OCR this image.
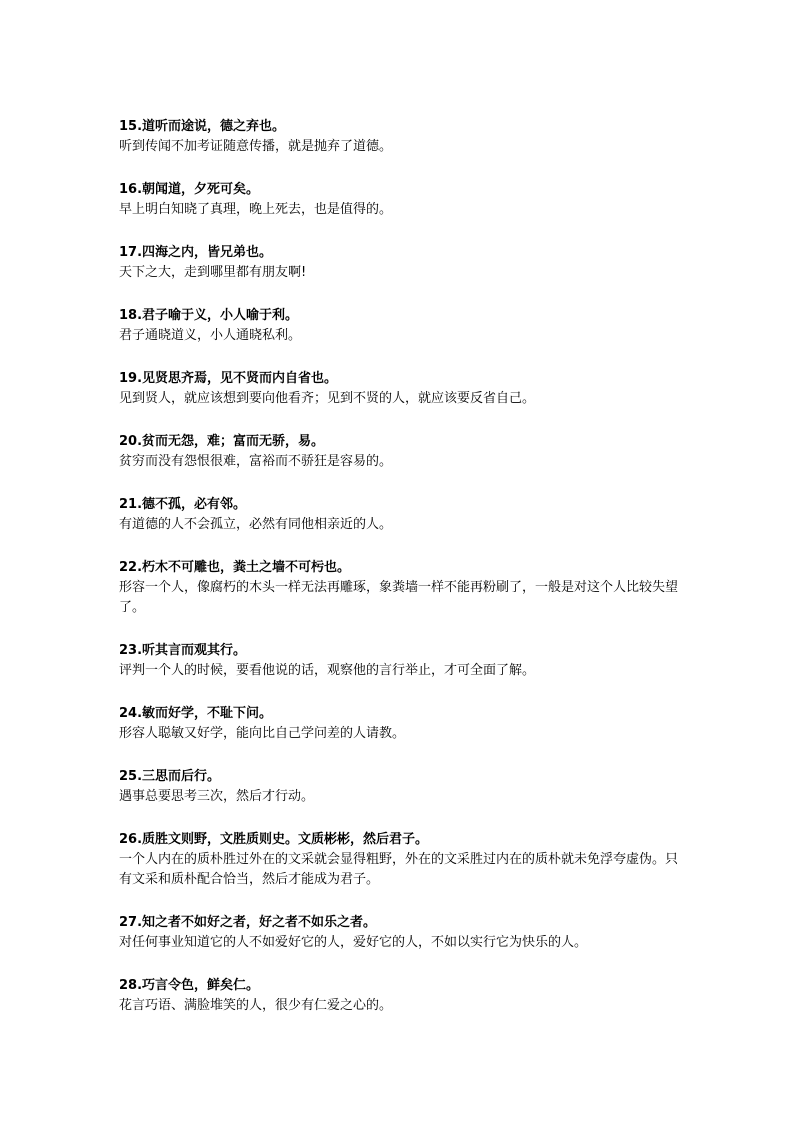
15.道听而途说，德之弃也。
听到传闻不加考证随意传播，就是抛弃了道德。
16.朝闻道，夕死可矣。
早上明白知晓了真理，晚上死去，也是值得的。
17.四海之内，皆兄弟也。
天下之大，走到哪里都有朋友啊!
18.君子喻于义，小人喻于利。
君子通晓道义，小人通晓私利。
19.见贤思齐焉，见不贤而内自省也。
见到贤人，就应该想到要向他看齐；见到不贤的人，就应该要反省自己。
20.贫而无怨，难；富而无骄，易。
贫穷而没有怨恨很难，富裕而不骄狂是容易的。
21.德不孤，必有邻。
有道德的人不会孤立，必然有同他相亲近的人。
22.朽木不可雕也，粪土之墙不可杇也。
形容一个人，像腐朽的木头一样无法再雕琢，象粪墙一样不能再粉刷了，一般是对这个人比较失望了。
23.听其言而观其行。
评判一个人的时候，要看他说的话，观察他的言行举止，才可全面了解。
24.敏而好学，不耻下问。
形容人聪敏又好学，能向比自己学问差的人请教。
25.三思而后行。
遇事总要思考三次，然后才行动。
26.质胜文则野，文胜质则史。文质彬彬，然后君子。
一个人内在的质朴胜过外在的文采就会显得粗野，外在的文采胜过内在的质朴就未免浮夸虚伪。只有文采和质朴配合恰当，然后才能成为君子。
27.知之者不如好之者，好之者不如乐之者。
对任何事业知道它的人不如爱好它的人，爱好它的人，不如以实行它为快乐的人。
28.巧言令色，鲜矣仁。
花言巧语、满脸堆笑的人，很少有仁爱之心的。
